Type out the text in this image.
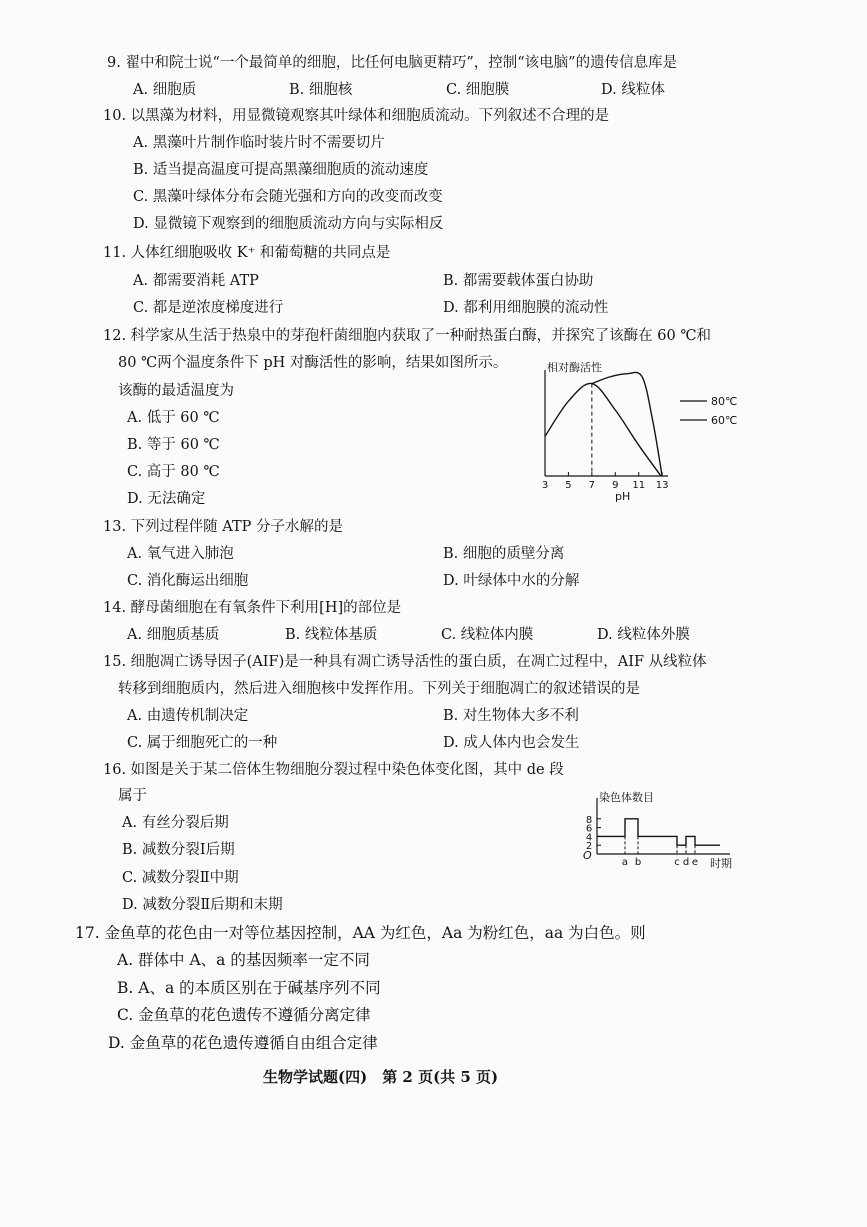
9. 翟中和院士说“一个最简单的细胞，比任何电脑更精巧”，控制“该电脑”的遗传信息库是
A. 细胞质	B. 细胞核	C. 细胞膜	D. 线粒体
10. 以黑藻为材料，用显微镜观察其叶绿体和细胞质流动。下列叙述不合理的是
A. 黑藻叶片制作临时装片时不需要切片
B. 适当提高温度可提高黑藻细胞质的流动速度
C. 黑藻叶绿体分布会随光强和方向的改变而改变
D. 显微镜下观察到的细胞质流动方向与实际相反
11. 人体红细胞吸收 K⁺ 和葡萄糖的共同点是
A. 都需要消耗 ATP	B. 都需要载体蛋白协助
C. 都是逆浓度梯度进行	D. 都利用细胞膜的流动性
12. 科学家从生活于热泉中的芽孢杆菌细胞内获取了一种耐热蛋白酶，并探究了该酶在 60 ℃和
80 ℃两个温度条件下 pH 对酶活性的影响，结果如图所示。
该酶的最适温度为
A. 低于 60 ℃
B. 等于 60 ℃
C. 高于 80 ℃
D. 无法确定
相对酶活性
pH
3 5 7 9 11 13
80℃
60℃
13. 下列过程伴随 ATP 分子水解的是
A. 氧气进入肺泡	B. 细胞的质壁分离
C. 消化酶运出细胞	D. 叶绿体中水的分解
14. 酵母菌细胞在有氧条件下利用[H]的部位是
A. 细胞质基质	B. 线粒体基质	C. 线粒体内膜	D. 线粒体外膜
15. 细胞凋亡诱导因子(AIF)是一种具有凋亡诱导活性的蛋白质，在凋亡过程中，AIF 从线粒体
转移到细胞质内，然后进入细胞核中发挥作用。下列关于细胞凋亡的叙述错误的是
A. 由遗传机制决定	B. 对生物体大多不利
C. 属于细胞死亡的一种	D. 成人体内也会发生
16. 如图是关于某二倍体生物细胞分裂过程中染色体变化图，其中 de 段
属于
A. 有丝分裂后期
B. 减数分裂Ⅰ后期
C. 减数分裂Ⅱ中期
D. 减数分裂Ⅱ后期和末期
染色体数目
时期
O
2
4
6
8
a b	c d e
17. 金鱼草的花色由一对等位基因控制，AA 为红色，Aa 为粉红色，aa 为白色。则
A. 群体中 A、a 的基因频率一定不同
B. A、a 的本质区别在于碱基序列不同
C. 金鱼草的花色遗传不遵循分离定律
D. 金鱼草的花色遗传遵循自由组合定律
生物学试题(四)　第 2 页(共 5 页)
